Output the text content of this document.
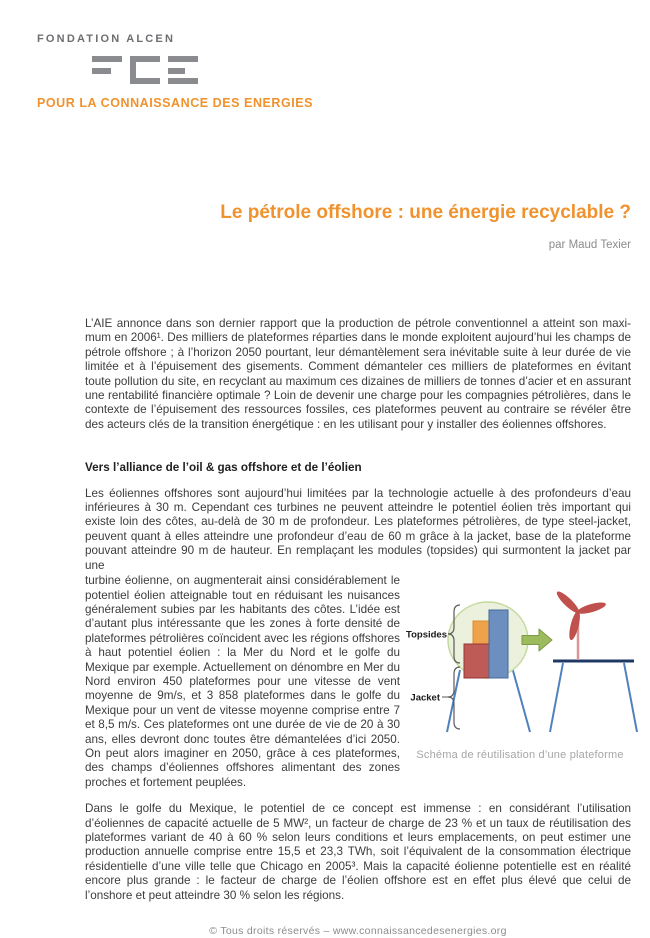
FONDATION ALCEN
POUR LA CONNAISSANCE DES ENERGIES
Le pétrole offshore : une énergie recyclable ?
par Maud Texier

L’AIE annonce dans son dernier rapport que la production de pétrole conventionnel a atteint son maximum en 2006¹. Des milliers de plateformes réparties dans le monde exploitent aujourd’hui les champs de pétrole offshore ; à l’horizon 2050 pourtant, leur démantèlement sera inévitable suite à leur durée de vie limitée et à l’épuisement des gisements. Comment démanteler ces milliers de plateformes en évitant toute pollution du site, en recyclant au maximum ces dizaines de milliers de tonnes d’acier et en assurant une rentabilité financière optimale ? Loin de devenir une charge pour les compagnies pétrolières, dans le contexte de l’épuisement des ressources fossiles, ces plateformes peuvent au contraire se révéler être des acteurs clés de la transition énergétique : en les utilisant pour y installer des éoliennes offshores.

Vers l’alliance de l’oil & gas offshore et de l’éolien

Les éoliennes offshores sont aujourd’hui limitées par la technologie actuelle à des profondeurs d’eau inférieures à 30 m. Cependant ces turbines ne peuvent atteindre le potentiel éolien très important qui existe loin des côtes, au-delà de 30 m de profondeur. Les plateformes pétrolières, de type steel-jacket, peuvent quant à elles atteindre une profondeur d’eau de 60 m grâce à la jacket, base de la plateforme pouvant atteindre 90 m de hauteur. En remplaçant les modules (topsides) qui surmontent la jacket par une

turbine éolienne, on augmenterait ainsi considérablement le potentiel éolien atteignable tout en réduisant les nuisances généralement subies par les habitants des côtes. L’idée est d’autant plus intéressante que les zones à forte densité de plateformes pétrolières coïncident avec les régions offshores à haut potentiel éolien : la Mer du Nord et le golfe du Mexique par exemple. Actuellement on dénombre en Mer du Nord environ 450 plateformes pour une vitesse de vent moyenne de 9m/s, et 3 858 plateformes dans le golfe du Mexique pour un vent de vitesse moyenne comprise entre 7 et 8,5 m/s. Ces plateformes ont une durée de vie de 20 à 30 ans, elles devront donc toutes être démantelées d’ici 2050. On peut alors imaginer en 2050, grâce à ces plateformes, des champs d’éoliennes offshores alimentant des zones proches et fortement peuplées.

Topsides
Jacket
Schéma de réutilisation d’une plateforme

Dans le golfe du Mexique, le potentiel de ce concept est immense : en considérant l’utilisation d’éoliennes de capacité actuelle de 5 MW², un facteur de charge de 23 % et un taux de réutilisation des plateformes variant de 40 à 60 % selon leurs conditions et leurs emplacements, on peut estimer une production annuelle comprise entre 15,5 et 23,3 TWh, soit l’équivalent de la consommation électrique résidentielle d’une ville telle que Chicago en 2005³. Mais la capacité éolienne potentielle est en réalité encore plus grande : le facteur de charge de l’éolien offshore est en effet plus élevé que celui de l’onshore et peut atteindre 30 % selon les régions.

© Tous droits réservés – www.connaissancedesenergies.org
